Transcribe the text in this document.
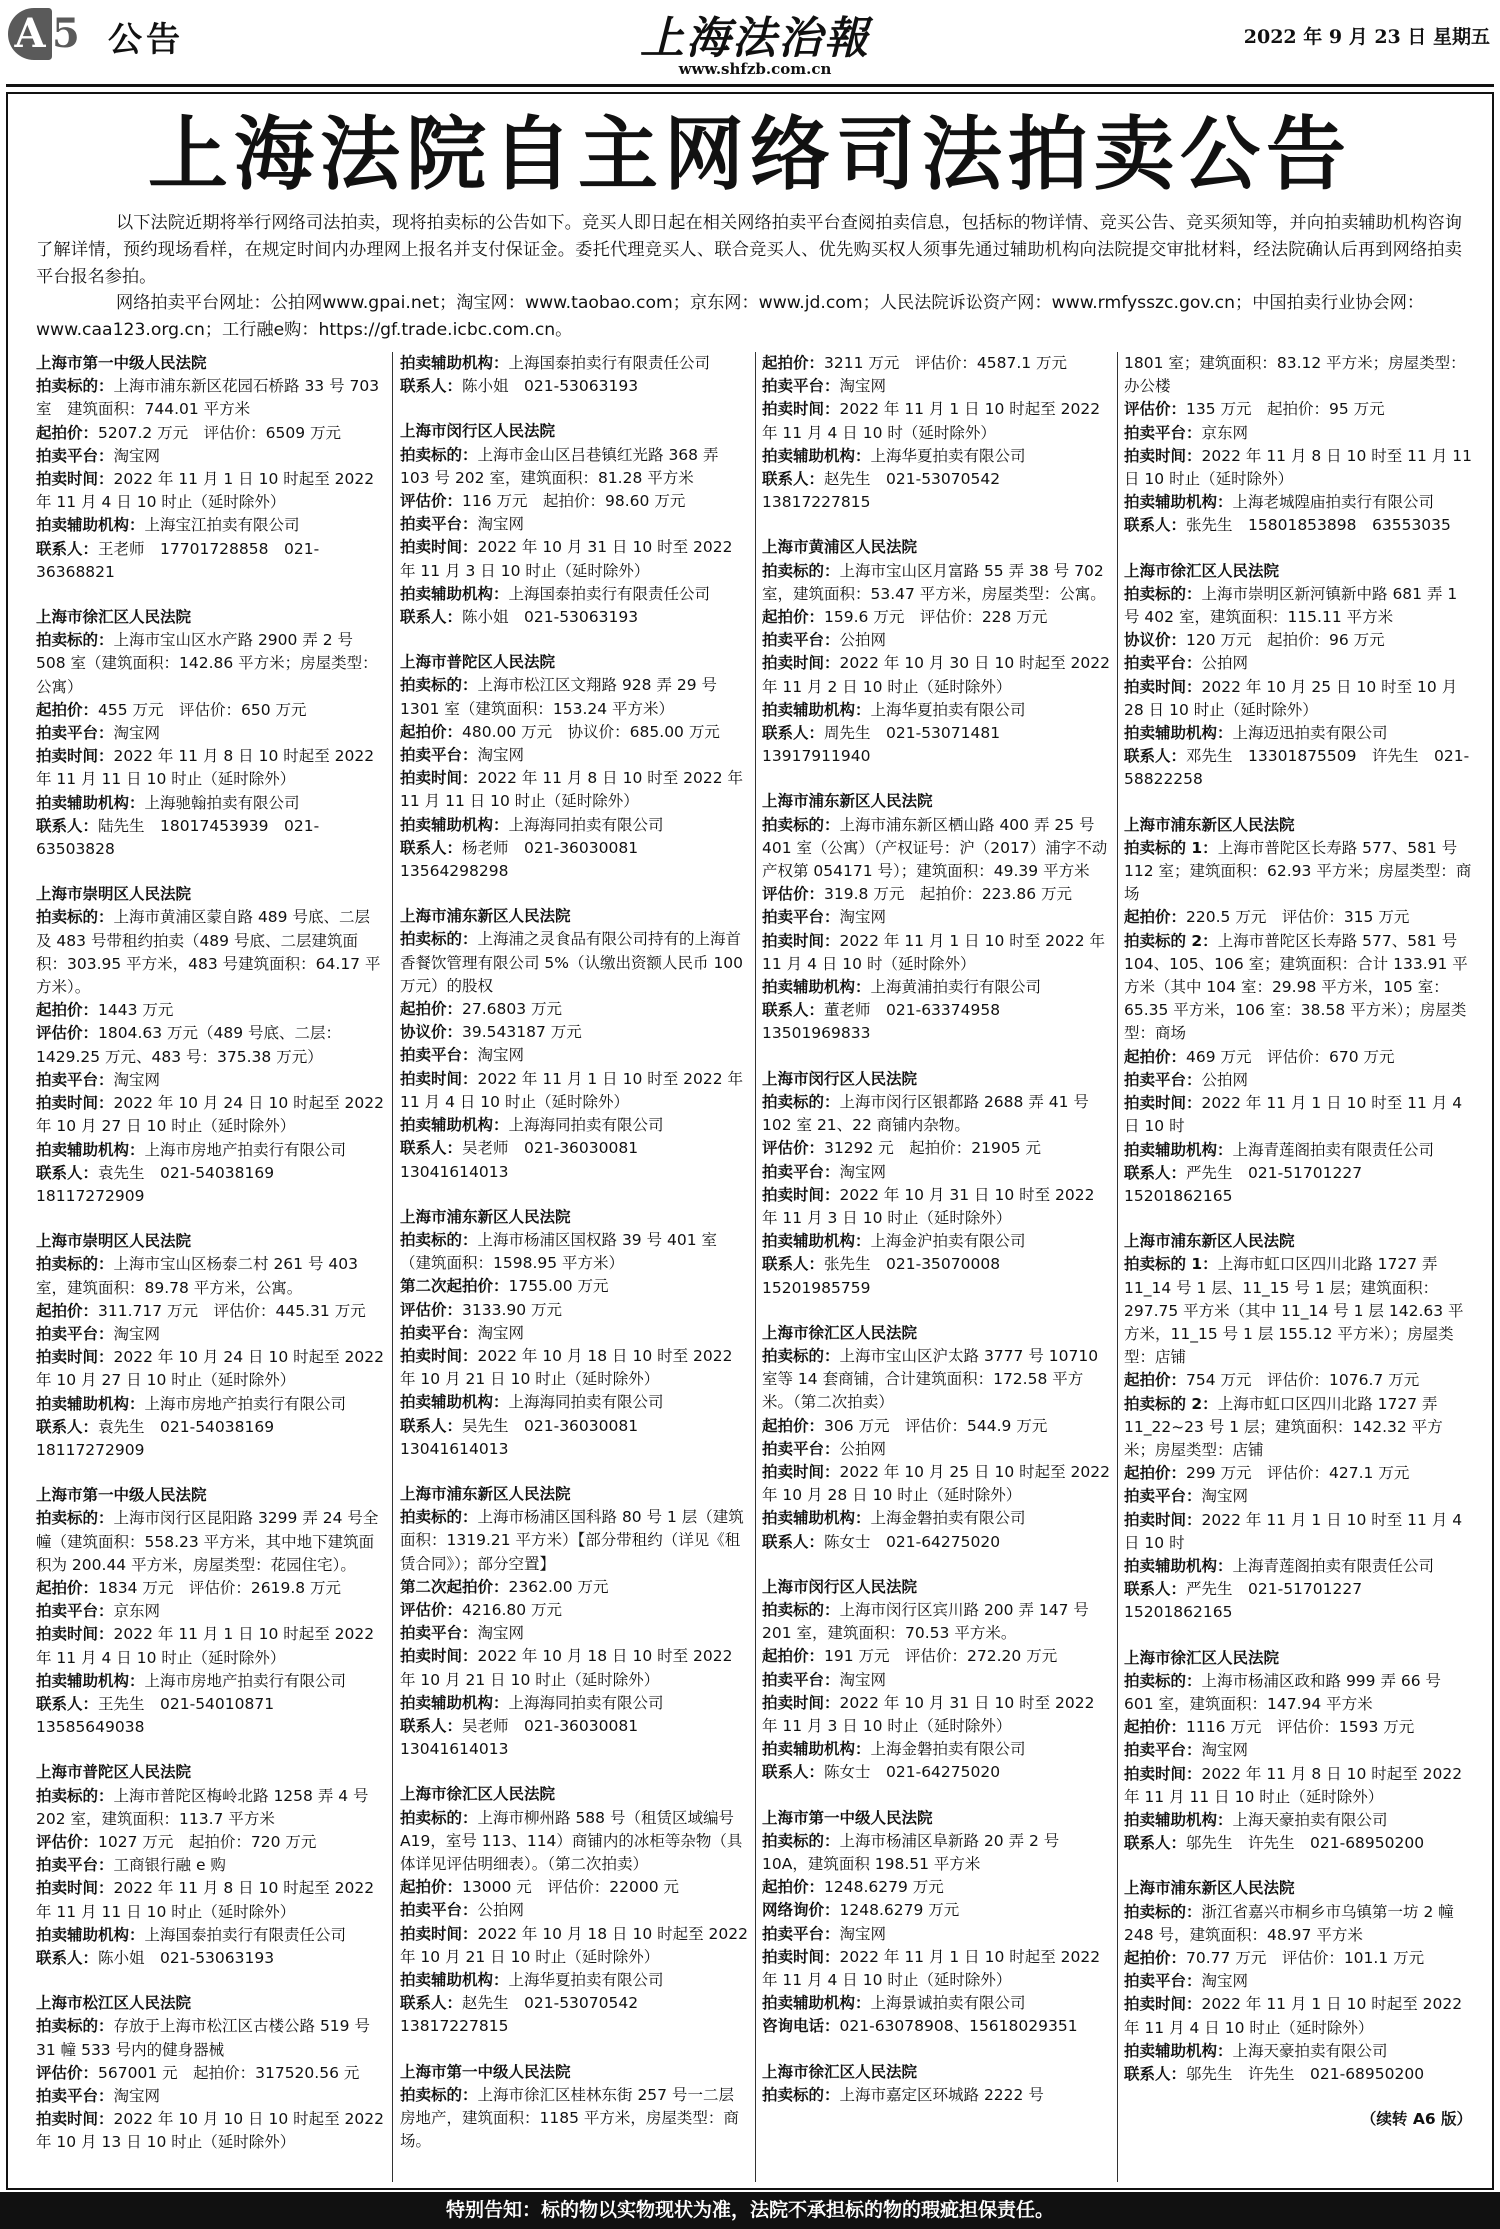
A 5 公告	上海法治報
www.shfzb.com.cn
2022 年 9 月 23 日 星期五
上海法院自主网络司法拍卖公告
以下法院近期将举行网络司法拍卖，现将拍卖标的公告如下。竞买人即日起在相关网络拍卖平台查阅拍卖信息，包括标的物详情、竞买公告、竞买须知等，并向拍卖辅助机构咨询了解详情，预约现场看样，在规定时间内办理网上报名并支付保证金。委托代理竞买人、联合竞买人、优先购买权人须事先通过辅助机构向法院提交审批材料，经法院确认后再到网络拍卖平台报名参拍。
网络拍卖平台网址：公拍网www.gpai.net；淘宝网：www.taobao.com；京东网：www.jd.com；人民法院诉讼资产网：www.rmfysszc.gov.cn；中国拍卖行业协会网：www.caa123.org.cn；工行融e购：https://gf.trade.icbc.com.cn。
上海市第一中级人民法院
拍卖标的：上海市浦东新区花园石桥路 33 号 703 室　建筑面积：744.01 平方米
起拍价：5207.2 万元　评估价：6509 万元
拍卖平台：淘宝网
拍卖时间：2022 年 11 月 1 日 10 时起至 2022 年 11 月 4 日 10 时止（延时除外）
拍卖辅助机构：上海宝江拍卖有限公司
联系人：王老师　17701728858　021-36368821
上海市徐汇区人民法院
拍卖标的：上海市宝山区水产路 2900 弄 2 号 508 室（建筑面积：142.86 平方米；房屋类型：公寓）
起拍价：455 万元　评估价：650 万元
拍卖平台：淘宝网
拍卖时间：2022 年 11 月 8 日 10 时起至 2022 年 11 月 11 日 10 时止（延时除外）
拍卖辅助机构：上海驰翰拍卖有限公司
联系人：陆先生　18017453939　021-63503828
上海市崇明区人民法院
拍卖标的：上海市黄浦区蒙自路 489 号底、二层及 483 号带租约拍卖（489 号底、二层建筑面积：303.95 平方米，483 号建筑面积：64.17 平方米）。
起拍价：1443 万元
评估价：1804.63 万元（489 号底、二层：1429.25 万元、483 号：375.38 万元）
拍卖平台：淘宝网
拍卖时间：2022 年 10 月 24 日 10 时起至 2022 年 10 月 27 日 10 时止（延时除外）
拍卖辅助机构：上海市房地产拍卖行有限公司
联系人：袁先生　021-54038169　18117272909
上海市崇明区人民法院
拍卖标的：上海市宝山区杨泰二村 261 号 403 室，建筑面积：89.78 平方米，公寓。
起拍价：311.717 万元　评估价：445.31 万元
拍卖平台：淘宝网
拍卖时间：2022 年 10 月 24 日 10 时起至 2022 年 10 月 27 日 10 时止（延时除外）
拍卖辅助机构：上海市房地产拍卖行有限公司
联系人：袁先生　021-54038169　18117272909
上海市第一中级人民法院
拍卖标的：上海市闵行区昆阳路 3299 弄 24 号全幢（建筑面积：558.23 平方米，其中地下建筑面积为 200.44 平方米，房屋类型：花园住宅）。
起拍价：1834 万元　评估价：2619.8 万元
拍卖平台：京东网
拍卖时间：2022 年 11 月 1 日 10 时起至 2022 年 11 月 4 日 10 时止（延时除外）
拍卖辅助机构：上海市房地产拍卖行有限公司
联系人：王先生　021-54010871　13585649038
上海市普陀区人民法院
拍卖标的：上海市普陀区梅岭北路 1258 弄 4 号 202 室，建筑面积：113.7 平方米
评估价：1027 万元　起拍价：720 万元
拍卖平台：工商银行融 e 购
拍卖时间：2022 年 11 月 8 日 10 时起至 2022 年 11 月 11 日 10 时止（延时除外）
拍卖辅助机构：上海国泰拍卖行有限责任公司
联系人：陈小姐　021-53063193
上海市松江区人民法院
拍卖标的：存放于上海市松江区古楼公路 519 号 31 幢 533 号内的健身器械
评估价：567001 元　起拍价：317520.56 元
拍卖平台：淘宝网
拍卖时间：2022 年 10 月 10 日 10 时起至 2022 年 10 月 13 日 10 时止（延时除外）
拍卖辅助机构：上海国泰拍卖行有限责任公司
联系人：陈小姐　021-53063193
上海市闵行区人民法院
拍卖标的：上海市金山区吕巷镇红光路 368 弄 103 号 202 室，建筑面积：81.28 平方米
评估价：116 万元　起拍价：98.60 万元
拍卖平台：淘宝网
拍卖时间：2022 年 10 月 31 日 10 时至 2022 年 11 月 3 日 10 时止（延时除外）
拍卖辅助机构：上海国泰拍卖行有限责任公司
联系人：陈小姐　021-53063193
上海市普陀区人民法院
拍卖标的：上海市松江区文翔路 928 弄 29 号 1301 室（建筑面积：153.24 平方米）
起拍价：480.00 万元　协议价：685.00 万元
拍卖平台：淘宝网
拍卖时间：2022 年 11 月 8 日 10 时至 2022 年 11 月 11 日 10 时止（延时除外）
拍卖辅助机构：上海海同拍卖有限公司
联系人：杨老师　021-36030081　13564298298
上海市浦东新区人民法院
拍卖标的：上海浦之灵食品有限公司持有的上海首香餐饮管理有限公司 5%（认缴出资额人民币 100 万元）的股权
起拍价：27.6803 万元
协议价：39.543187 万元
拍卖平台：淘宝网
拍卖时间：2022 年 11 月 1 日 10 时至 2022 年 11 月 4 日 10 时止（延时除外）
拍卖辅助机构：上海海同拍卖有限公司
联系人：吴老师　021-36030081　13041614013
上海市浦东新区人民法院
拍卖标的：上海市杨浦区国权路 39 号 401 室（建筑面积：1598.95 平方米）
第二次起拍价：1755.00 万元
评估价：3133.90 万元
拍卖平台：淘宝网
拍卖时间：2022 年 10 月 18 日 10 时至 2022 年 10 月 21 日 10 时止（延时除外）
拍卖辅助机构：上海海同拍卖有限公司
联系人：吴先生　021-36030081　13041614013
上海市浦东新区人民法院
拍卖标的：上海市杨浦区国科路 80 号 1 层（建筑面积：1319.21 平方米）【部分带租约（详见《租赁合同》）；部分空置】
第二次起拍价：2362.00 万元
评估价：4216.80 万元
拍卖平台：淘宝网
拍卖时间：2022 年 10 月 18 日 10 时至 2022 年 10 月 21 日 10 时止（延时除外）
拍卖辅助机构：上海海同拍卖有限公司
联系人：吴老师　021-36030081　13041614013
上海市徐汇区人民法院
拍卖标的：上海市柳州路 588 号（租赁区域编号 A19，室号 113、114）商铺内的冰柜等杂物（具体详见评估明细表）。（第二次拍卖）
起拍价：13000 元　评估价：22000 元
拍卖平台：公拍网
拍卖时间：2022 年 10 月 18 日 10 时起至 2022 年 10 月 21 日 10 时止（延时除外）
拍卖辅助机构：上海华夏拍卖有限公司
联系人：赵先生　021-53070542　13817227815
上海市第一中级人民法院
拍卖标的：上海市徐汇区桂林东街 257 号一二层房地产，建筑面积：1185 平方米，房屋类型：商场。
起拍价：3211 万元　评估价：4587.1 万元
拍卖平台：淘宝网
拍卖时间：2022 年 11 月 1 日 10 时起至 2022 年 11 月 4 日 10 时（延时除外）
拍卖辅助机构：上海华夏拍卖有限公司
联系人：赵先生　021-53070542　13817227815
上海市黄浦区人民法院
拍卖标的：上海市宝山区月富路 55 弄 38 号 702 室，建筑面积：53.47 平方米，房屋类型：公寓。
起拍价：159.6 万元　评估价：228 万元
拍卖平台：公拍网
拍卖时间：2022 年 10 月 30 日 10 时起至 2022 年 11 月 2 日 10 时止（延时除外）
拍卖辅助机构：上海华夏拍卖有限公司
联系人：周先生　021-53071481　13917911940
上海市浦东新区人民法院
拍卖标的：上海市浦东新区栖山路 400 弄 25 号 401 室（公寓）（产权证号：沪（2017）浦字不动产权第 054171 号）；建筑面积：49.39 平方米
评估价：319.8 万元　起拍价：223.86 万元
拍卖平台：淘宝网
拍卖时间：2022 年 11 月 1 日 10 时至 2022 年 11 月 4 日 10 时（延时除外）
拍卖辅助机构：上海黄浦拍卖行有限公司
联系人：董老师　021-63374958　13501969833
上海市闵行区人民法院
拍卖标的：上海市闵行区银都路 2688 弄 41 号 102 室 21、22 商铺内杂物。
评估价：31292 元　起拍价：21905 元
拍卖平台：淘宝网
拍卖时间：2022 年 10 月 31 日 10 时至 2022 年 11 月 3 日 10 时止（延时除外）
拍卖辅助机构：上海金沪拍卖有限公司
联系人：张先生　021-35070008　15201985759
上海市徐汇区人民法院
拍卖标的：上海市宝山区沪太路 3777 号 10710 室等 14 套商铺，合计建筑面积：172.58 平方米。（第二次拍卖）
起拍价：306 万元　评估价：544.9 万元
拍卖平台：公拍网
拍卖时间：2022 年 10 月 25 日 10 时起至 2022 年 10 月 28 日 10 时止（延时除外）
拍卖辅助机构：上海金磐拍卖有限公司
联系人：陈女士　021-64275020
上海市闵行区人民法院
拍卖标的：上海市闵行区宾川路 200 弄 147 号 201 室，建筑面积：70.53 平方米。
起拍价：191 万元　评估价：272.20 万元
拍卖平台：淘宝网
拍卖时间：2022 年 10 月 31 日 10 时至 2022 年 11 月 3 日 10 时止（延时除外）
拍卖辅助机构：上海金磐拍卖有限公司
联系人：陈女士　021-64275020
上海市第一中级人民法院
拍卖标的：上海市杨浦区阜新路 20 弄 2 号 10A，建筑面积 198.51 平方米
起拍价：1248.6279 万元
网络询价：1248.6279 万元
拍卖平台：淘宝网
拍卖时间：2022 年 11 月 1 日 10 时起至 2022 年 11 月 4 日 10 时止（延时除外）
拍卖辅助机构：上海景诚拍卖有限公司
咨询电话：021-63078908、15618029351
上海市徐汇区人民法院
拍卖标的：上海市嘉定区环城路 2222 号
1801 室；建筑面积：83.12 平方米；房屋类型：办公楼
评估价：135 万元　起拍价：95 万元
拍卖平台：京东网
拍卖时间：2022 年 11 月 8 日 10 时至 11 月 11 日 10 时止（延时除外）
拍卖辅助机构：上海老城隍庙拍卖行有限公司
联系人：张先生　15801853898　63553035
上海市徐汇区人民法院
拍卖标的：上海市崇明区新河镇新中路 681 弄 1 号 402 室，建筑面积：115.11 平方米
协议价：120 万元　起拍价：96 万元
拍卖平台：公拍网
拍卖时间：2022 年 10 月 25 日 10 时至 10 月 28 日 10 时止（延时除外）
拍卖辅助机构：上海迈迅拍卖有限公司
联系人：邓先生　13301875509　许先生　021-58822258
上海市浦东新区人民法院
拍卖标的 1：上海市普陀区长寿路 577、581 号 112 室；建筑面积：62.93 平方米；房屋类型：商场
起拍价：220.5 万元　评估价：315 万元
拍卖标的 2：上海市普陀区长寿路 577、581 号 104、105、106 室；建筑面积：合计 133.91 平方米（其中 104 室：29.98 平方米，105 室：65.35 平方米，106 室：38.58 平方米）；房屋类型：商场
起拍价：469 万元　评估价：670 万元
拍卖平台：公拍网
拍卖时间：2022 年 11 月 1 日 10 时至 11 月 4 日 10 时
拍卖辅助机构：上海青莲阁拍卖有限责任公司
联系人：严先生　021-51701227　15201862165
上海市浦东新区人民法院
拍卖标的 1：上海市虹口区四川北路 1727 弄 11_14 号 1 层、11_15 号 1 层；建筑面积：297.75 平方米（其中 11_14 号 1 层 142.63 平方米，11_15 号 1 层 155.12 平方米）；房屋类型：店铺
起拍价：754 万元　评估价：1076.7 万元
拍卖标的 2：上海市虹口区四川北路 1727 弄 11_22~23 号 1 层；建筑面积：142.32 平方米；房屋类型：店铺
起拍价：299 万元　评估价：427.1 万元
拍卖平台：淘宝网
拍卖时间：2022 年 11 月 1 日 10 时至 11 月 4 日 10 时
拍卖辅助机构：上海青莲阁拍卖有限责任公司
联系人：严先生　021-51701227　15201862165
上海市徐汇区人民法院
拍卖标的：上海市杨浦区政和路 999 弄 66 号 601 室，建筑面积：147.94 平方米
起拍价：1116 万元　评估价：1593 万元
拍卖平台：淘宝网
拍卖时间：2022 年 11 月 8 日 10 时起至 2022 年 11 月 11 日 10 时止（延时除外）
拍卖辅助机构：上海天豪拍卖有限公司
联系人：邬先生　许先生　021-68950200
上海市浦东新区人民法院
拍卖标的：浙江省嘉兴市桐乡市乌镇第一坊 2 幢 248 号，建筑面积：48.97 平方米
起拍价：70.77 万元　评估价：101.1 万元
拍卖平台：淘宝网
拍卖时间：2022 年 11 月 1 日 10 时起至 2022 年 11 月 4 日 10 时止（延时除外）
拍卖辅助机构：上海天豪拍卖有限公司
联系人：邬先生　许先生　021-68950200
（续转 A6 版）
特别告知：标的物以实物现状为准，法院不承担标的物的瑕疵担保责任。
